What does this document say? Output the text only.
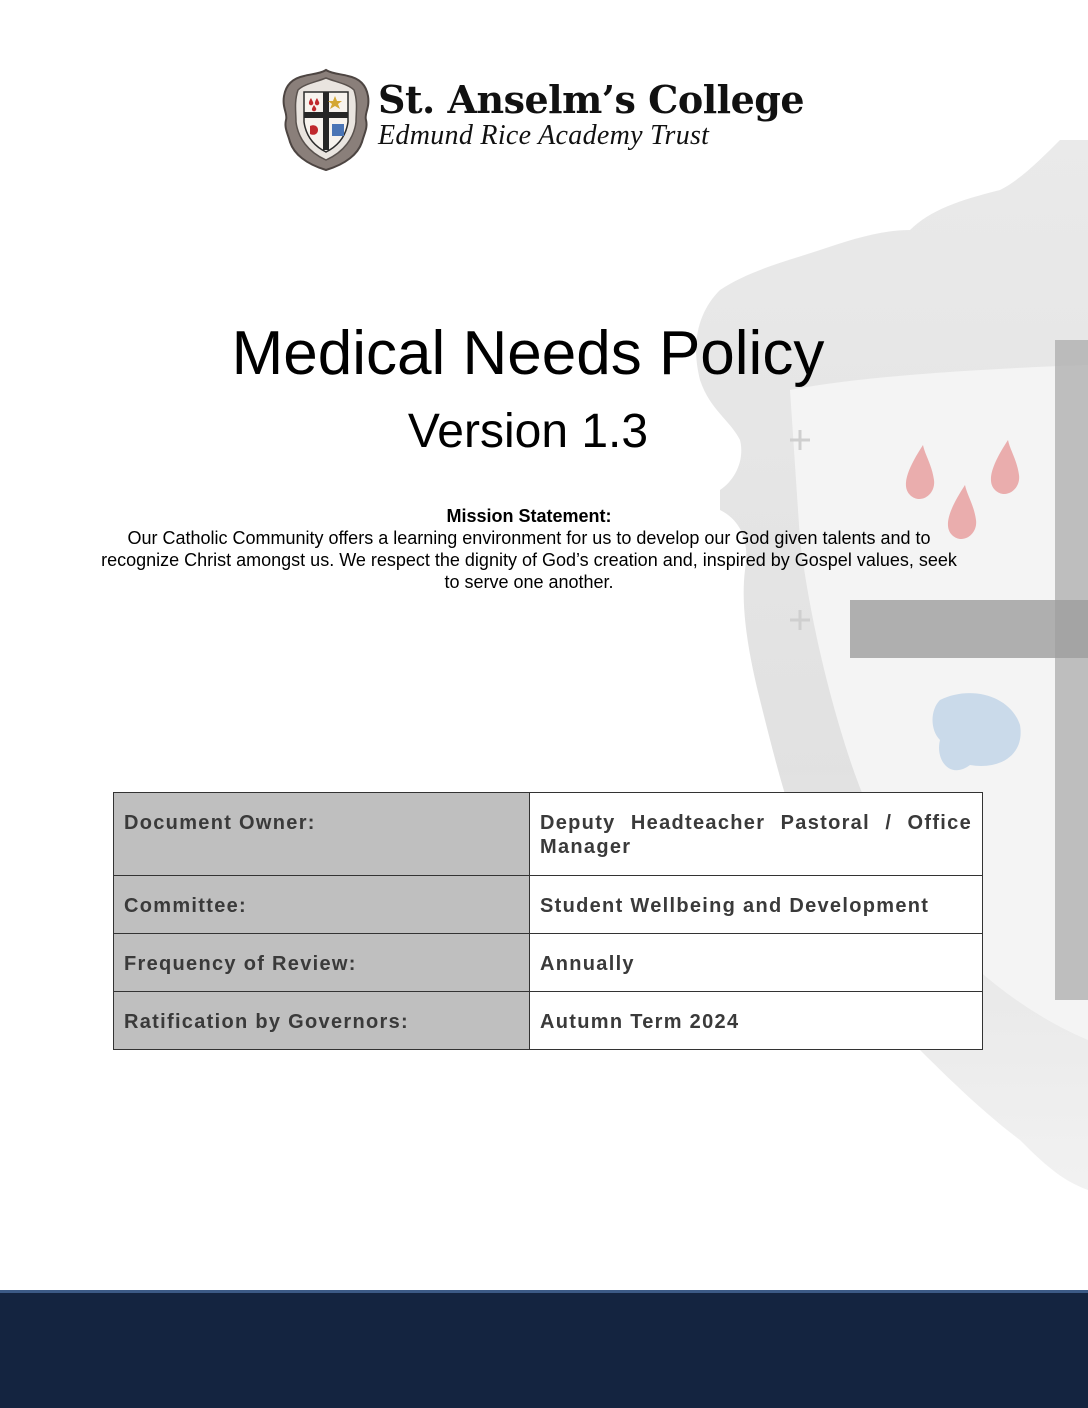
St. Anselm’s College
Edmund Rice Academy Trust
Medical Needs Policy
Version 1.3
Mission Statement:
Our Catholic Community offers a learning environment for us to develop our God given talents and to recognize Christ amongst us. We respect the dignity of God’s creation and, inspired by Gospel values, seek to serve one another.
Document Owner:	Deputy Headteacher Pastoral / Office Manager
Committee:	Student Wellbeing and Development
Frequency of Review:	Annually
Ratification by Governors:	Autumn Term 2024
